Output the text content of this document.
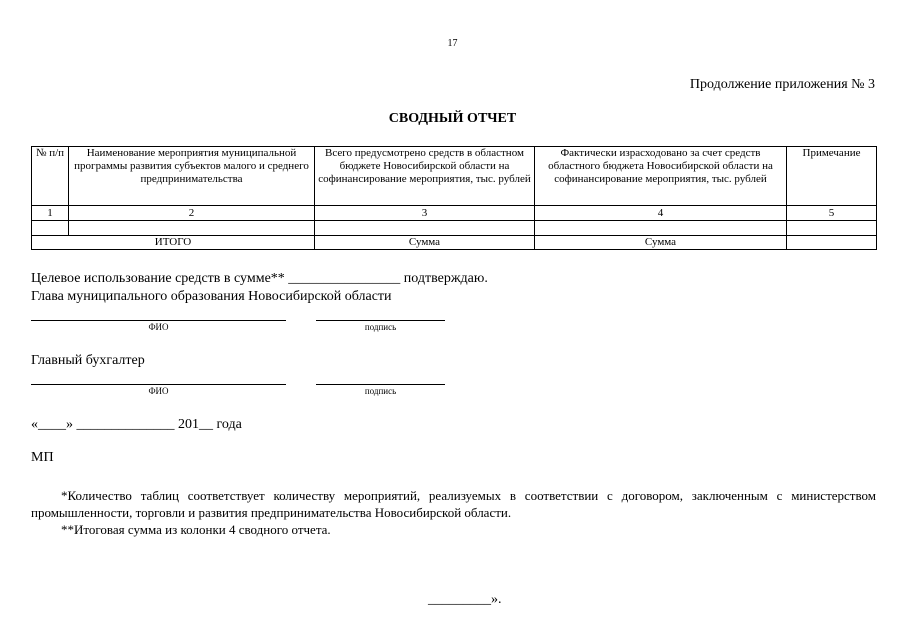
17
Продолжение приложения № 3
СВОДНЫЙ ОТЧЕТ
№ п/п	Наименование мероприятия муниципальной программы развития субъектов малого и среднего предпринимательства	Всего предусмотрено средств в областном бюджете Новосибирской области на софинансирование мероприятия, тыс. рублей	Фактически израсходовано за счет средств областного бюджета Новосибирской области на софинансирование мероприятия, тыс. рублей	Примечание
1	2	3	4	5

ИТОГО		Сумма	Сумма	
Целевое использование средств в сумме** ________________ подтверждаю.
Глава муниципального образования Новосибирской области
ФИО	подпись
Главный бухгалтер
ФИО	подпись
«____» ______________ 201__ года
МП
*Количество таблиц соответствует количеству мероприятий, реализуемых в соответствии с договором, заключенным с министерством промышленности, торговли и развития предпринимательства Новосибирской области.
**Итоговая сумма из колонки 4 сводного отчета.
_________».
